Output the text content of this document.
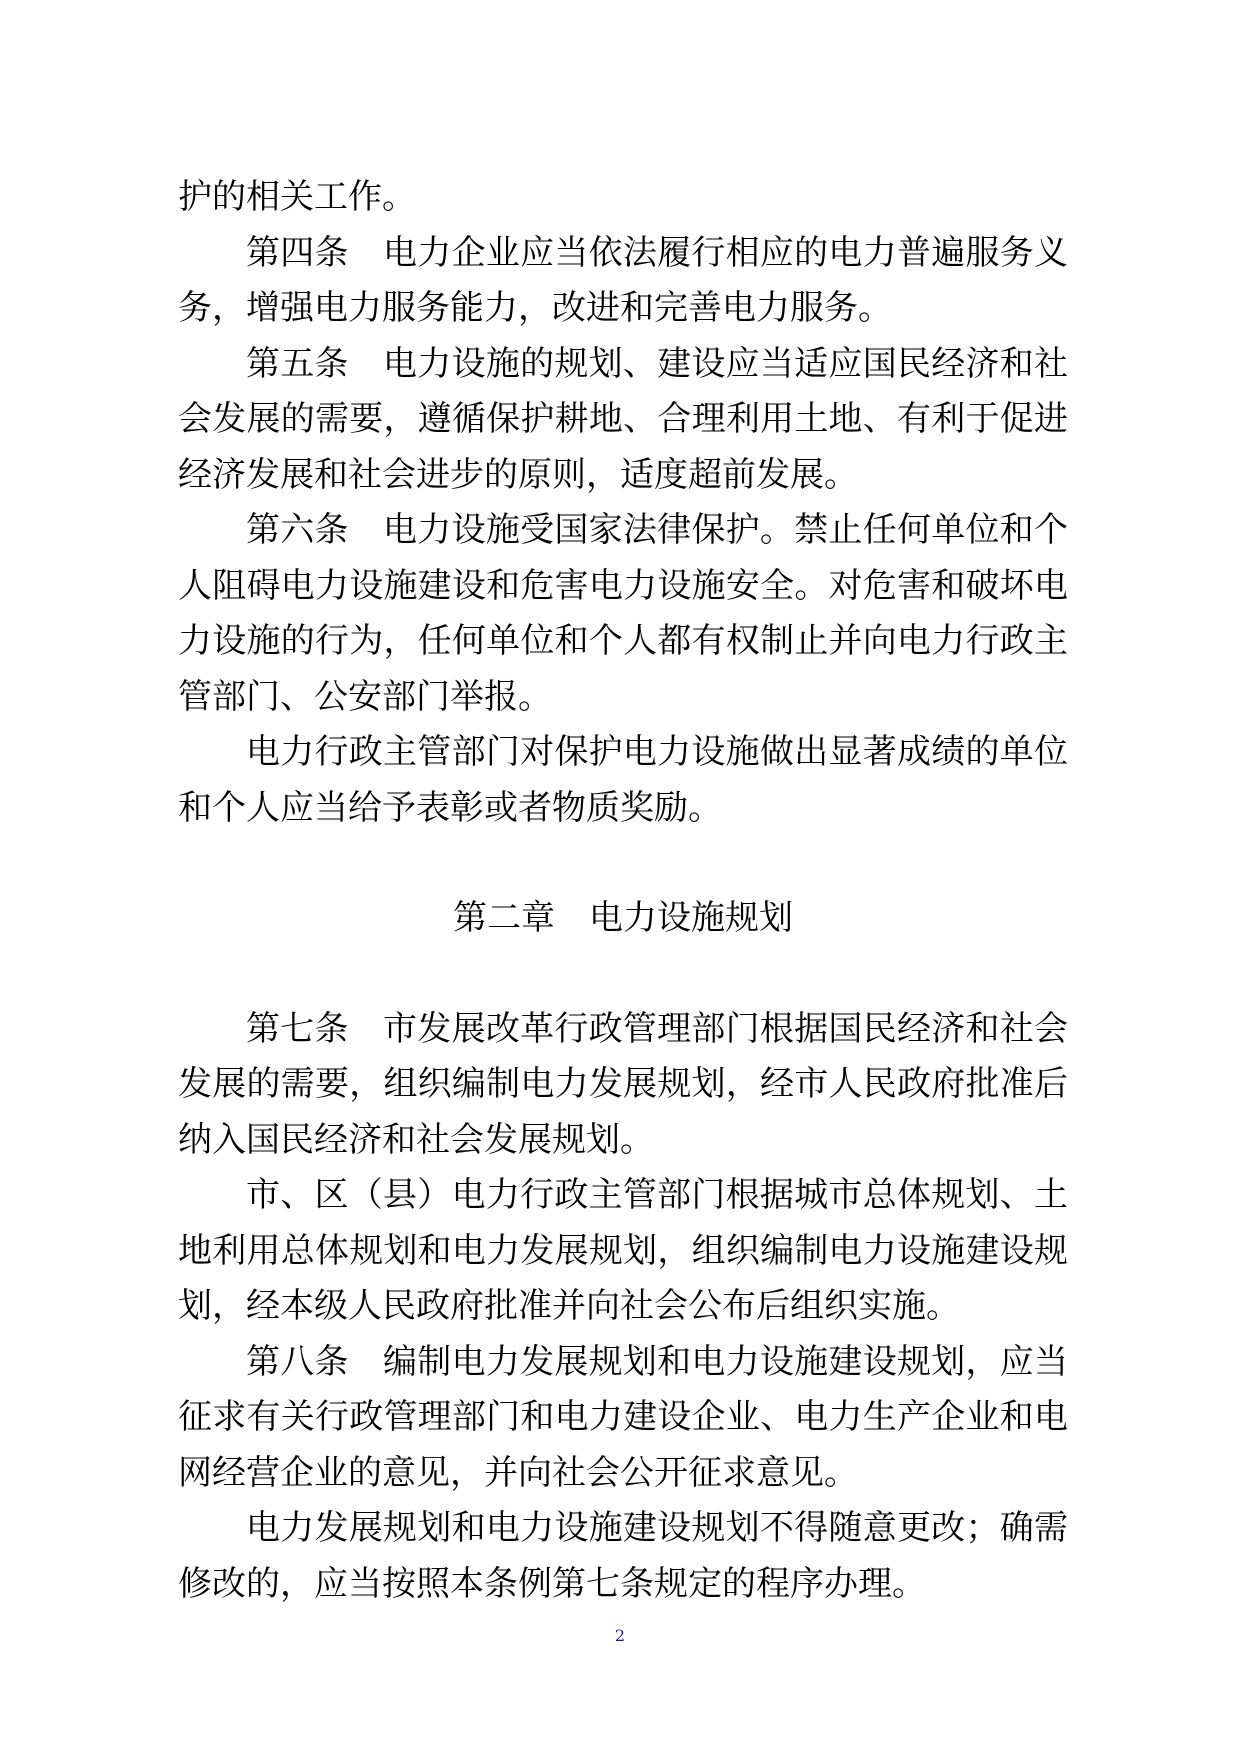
护的相关工作。

第四条　电力企业应当依法履行相应的电力普遍服务义务，增强电力服务能力，改进和完善电力服务。

第五条　电力设施的规划、建设应当适应国民经济和社会发展的需要，遵循保护耕地、合理利用土地、有利于促进经济发展和社会进步的原则，适度超前发展。

第六条　电力设施受国家法律保护。禁止任何单位和个人阻碍电力设施建设和危害电力设施安全。对危害和破坏电力设施的行为，任何单位和个人都有权制止并向电力行政主管部门、公安部门举报。

电力行政主管部门对保护电力设施做出显著成绩的单位和个人应当给予表彰或者物质奖励。

第二章　电力设施规划

第七条　市发展改革行政管理部门根据国民经济和社会发展的需要，组织编制电力发展规划，经市人民政府批准后纳入国民经济和社会发展规划。

市、区（县）电力行政主管部门根据城市总体规划、土地利用总体规划和电力发展规划，组织编制电力设施建设规划，经本级人民政府批准并向社会公布后组织实施。

第八条　编制电力发展规划和电力设施建设规划，应当征求有关行政管理部门和电力建设企业、电力生产企业和电网经营企业的意见，并向社会公开征求意见。

电力发展规划和电力设施建设规划不得随意更改；确需修改的，应当按照本条例第七条规定的程序办理。

2
